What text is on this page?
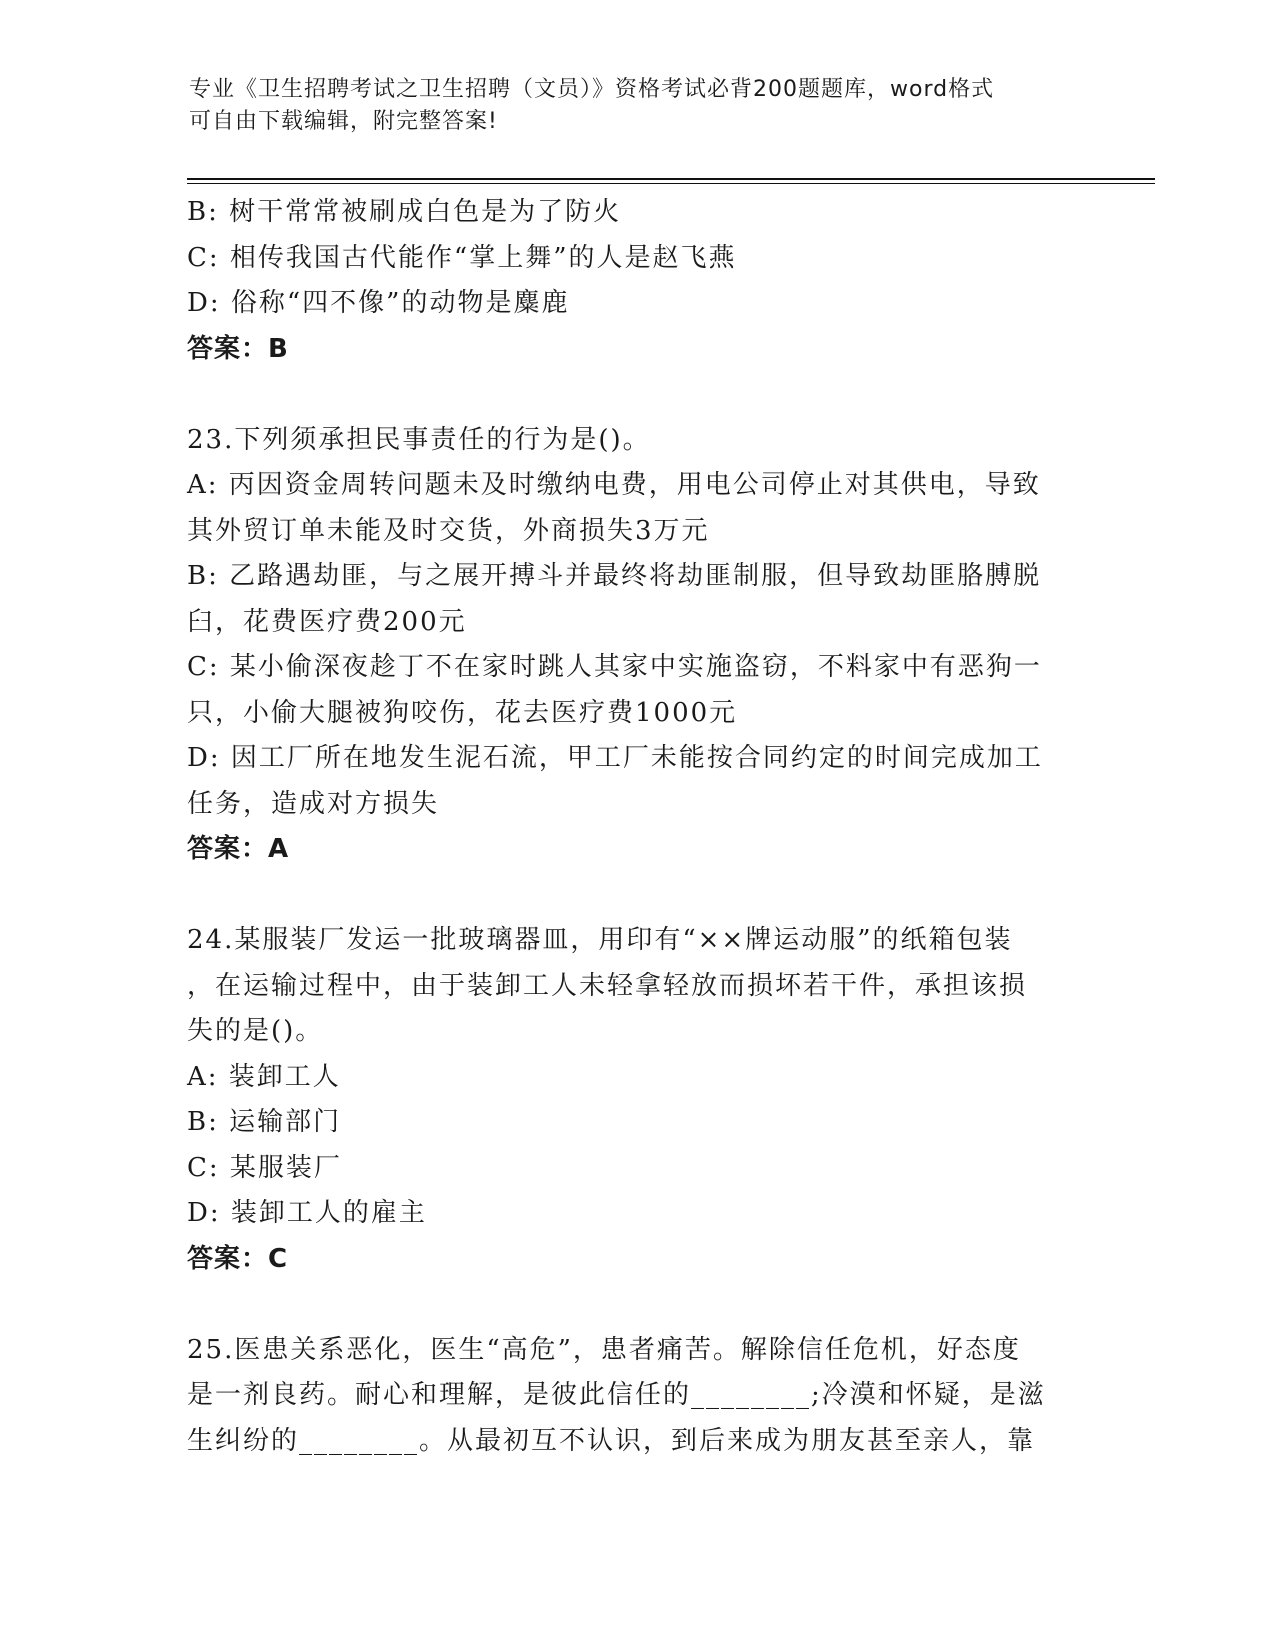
专业《卫生招聘考试之卫生招聘（文员）》资格考试必背200题题库，word格式
可自由下载编辑，附完整答案!
B: 树干常常被刷成白色是为了防火
C: 相传我国古代能作“掌上舞”的人是赵飞燕
D: 俗称“四不像”的动物是麋鹿
答案：B
23.下列须承担民事责任的行为是()。
A: 丙因资金周转问题未及时缴纳电费，用电公司停止对其供电，导致
其外贸订单未能及时交货，外商损失3万元
B: 乙路遇劫匪，与之展开搏斗并最终将劫匪制服，但导致劫匪胳膊脱
臼，花费医疗费200元
C: 某小偷深夜趁丁不在家时跳人其家中实施盗窃，不料家中有恶狗一
只，小偷大腿被狗咬伤，花去医疗费1000元
D: 因工厂所在地发生泥石流，甲工厂未能按合同约定的时间完成加工
任务，造成对方损失
答案：A
24.某服装厂发运一批玻璃器皿，用印有“××牌运动服”的纸箱包装
，在运输过程中，由于装卸工人未轻拿轻放而损坏若干件，承担该损
失的是()。
A: 装卸工人
B: 运输部门
C: 某服装厂
D: 装卸工人的雇主
答案：C
25.医患关系恶化，医生“高危”，患者痛苦。解除信任危机，好态度
是一剂良药。耐心和理解，是彼此信任的________;冷漠和怀疑，是滋
生纠纷的________。从最初互不认识，到后来成为朋友甚至亲人，靠
